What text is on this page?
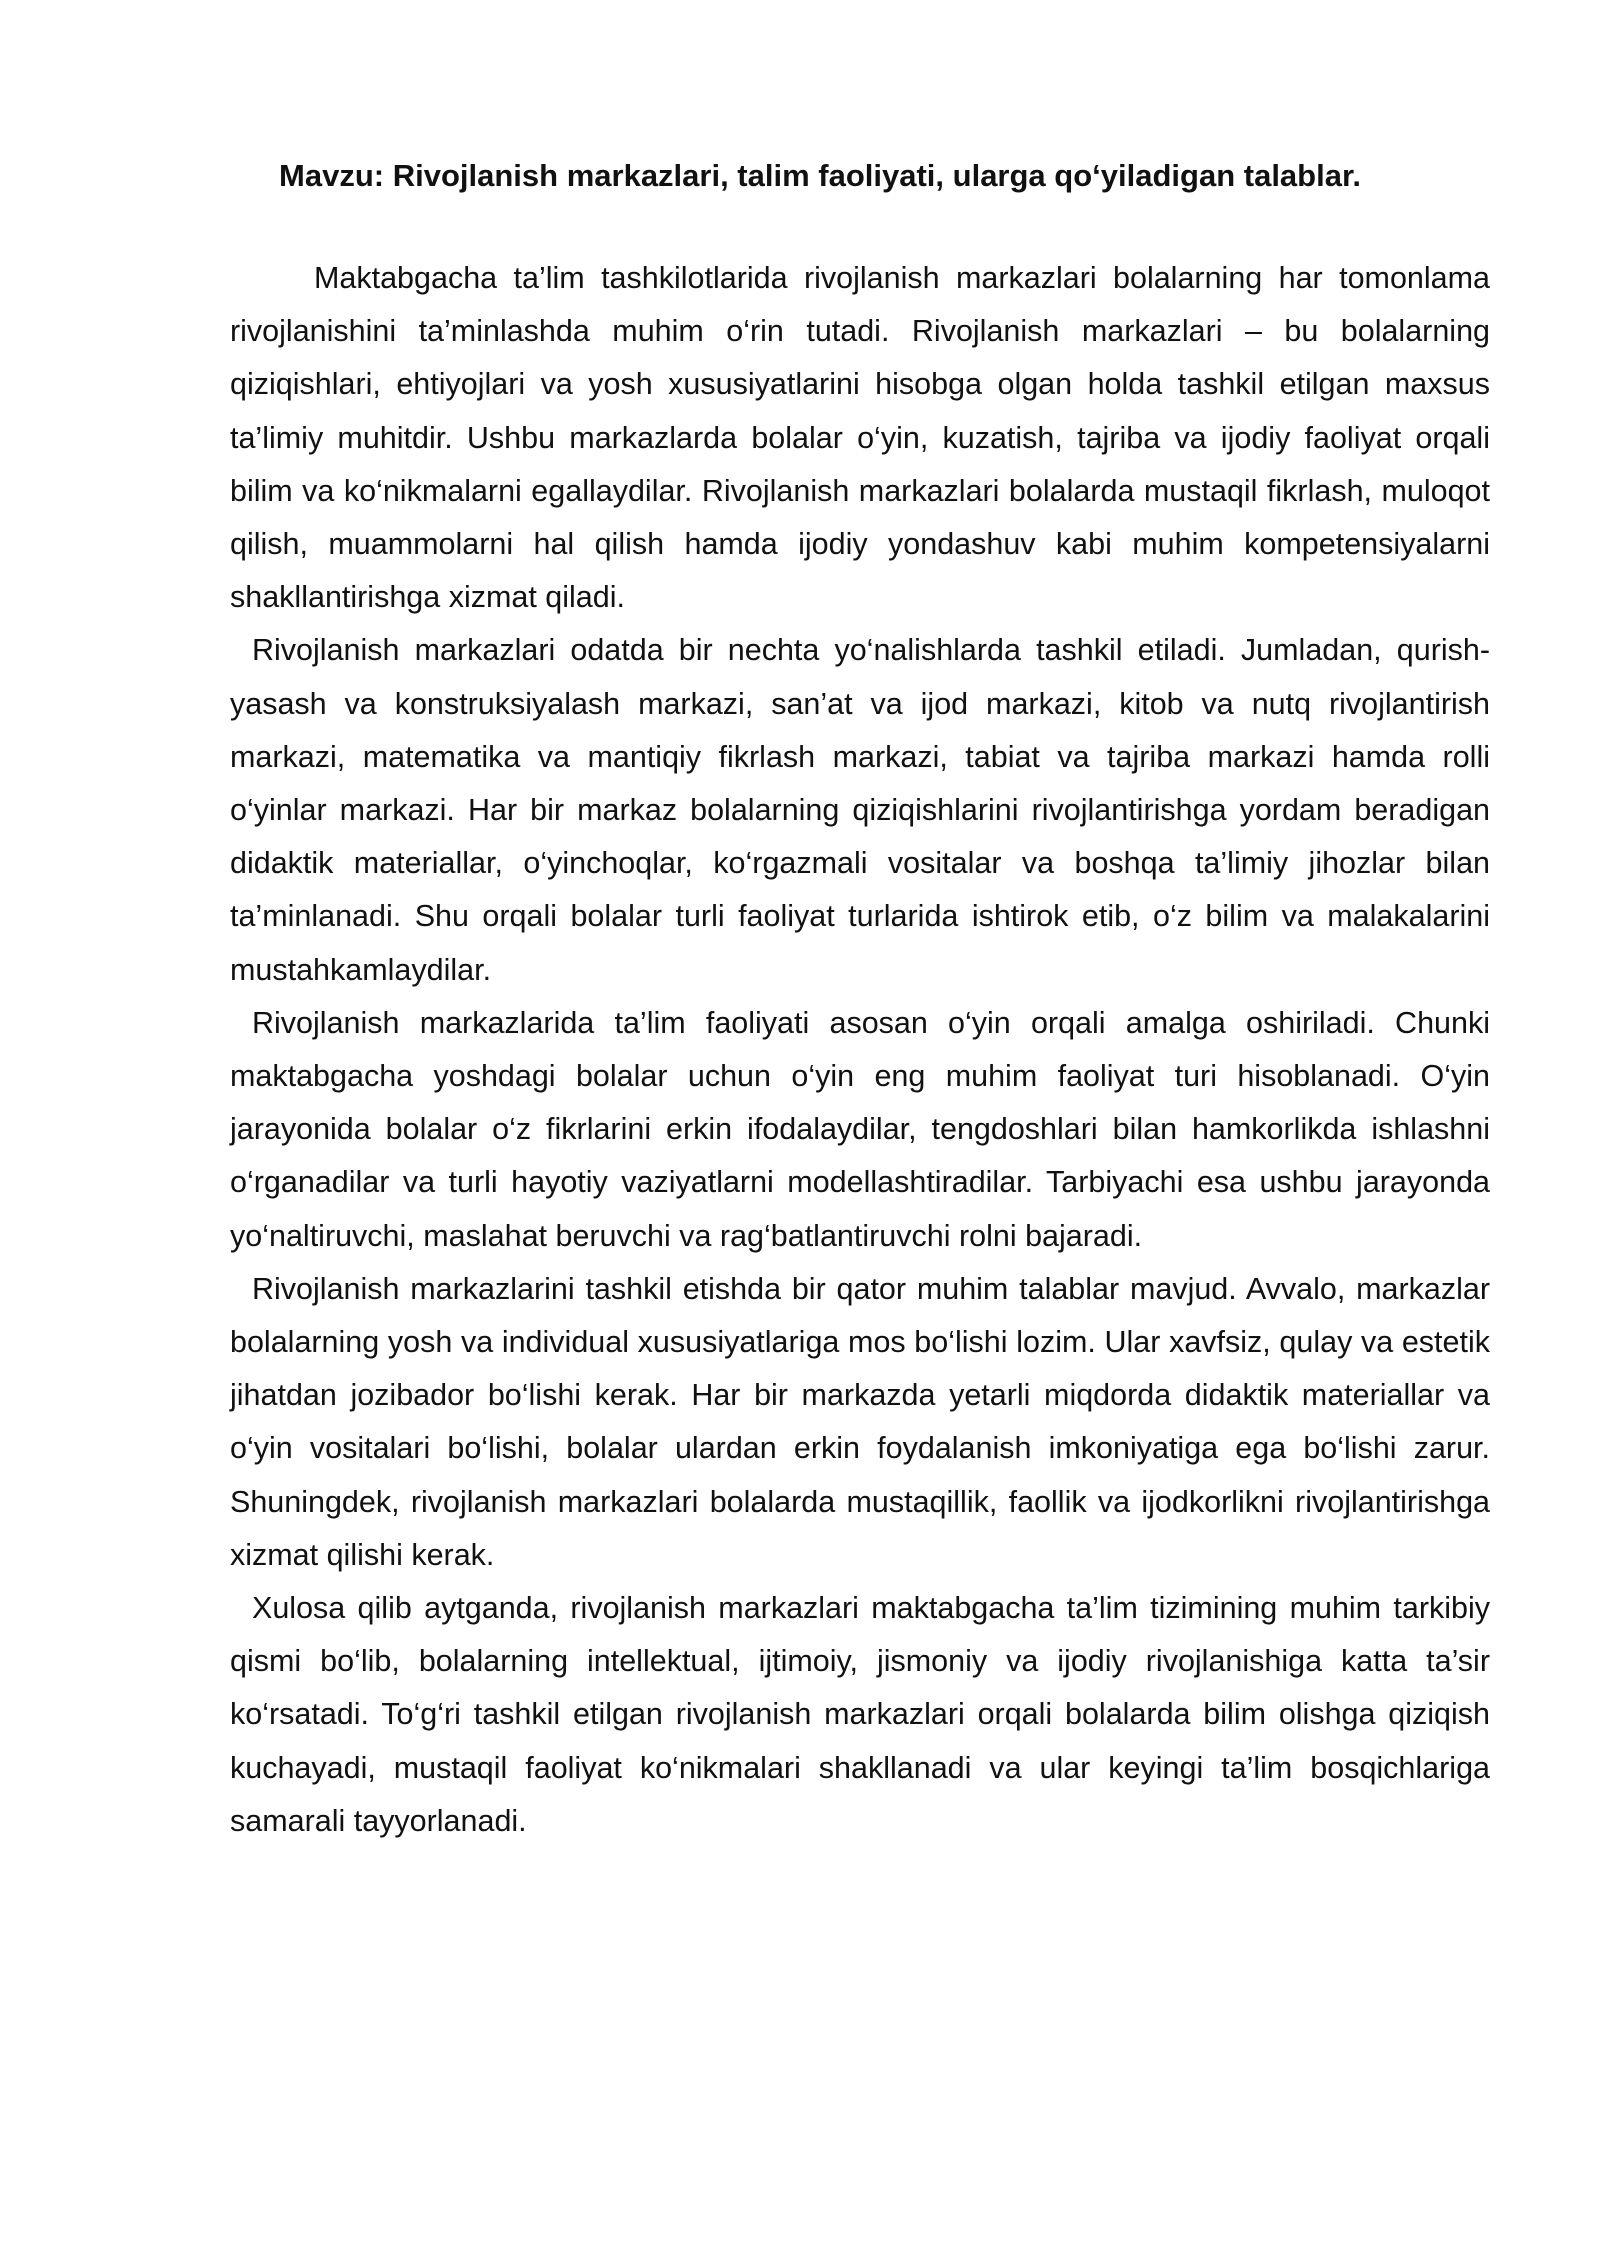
Mavzu: Rivojlanish markazlari, talim faoliyati, ularga qo‘yiladigan talablar.

Maktabgacha ta’lim tashkilotlarida rivojlanish markazlari bolalarning har tomonlama rivojlanishini ta’minlashda muhim o‘rin tutadi. Rivojlanish markazlari – bu bolalarning qiziqishlari, ehtiyojlari va yosh xususiyatlarini hisobga olgan holda tashkil etilgan maxsus ta’limiy muhitdir. Ushbu markazlarda bolalar o‘yin, kuzatish, tajriba va ijodiy faoliyat orqali bilim va ko‘nikmalarni egallaydilar. Rivojlanish markazlari bolalarda mustaqil fikrlash, muloqot qilish, muammolarni hal qilish hamda ijodiy yondashuv kabi muhim kompetensiyalarni shakllantirishga xizmat qiladi.

Rivojlanish markazlari odatda bir nechta yo‘nalishlarda tashkil etiladi. Jumladan, qurish-yasash va konstruksiyalash markazi, san’at va ijod markazi, kitob va nutq rivojlantirish markazi, matematika va mantiqiy fikrlash markazi, tabiat va tajriba markazi hamda rolli o‘yinlar markazi. Har bir markaz bolalarning qiziqishlarini rivojlantirishga yordam beradigan didaktik materiallar, o‘yinchoqlar, ko‘rgazmali vositalar va boshqa ta’limiy jihozlar bilan ta’minlanadi. Shu orqali bolalar turli faoliyat turlarida ishtirok etib, o‘z bilim va malakalarini mustahkamlaydilar.

Rivojlanish markazlarida ta’lim faoliyati asosan o‘yin orqali amalga oshiriladi. Chunki maktabgacha yoshdagi bolalar uchun o‘yin eng muhim faoliyat turi hisoblanadi. O‘yin jarayonida bolalar o‘z fikrlarini erkin ifodalaydilar, tengdoshlari bilan hamkorlikda ishlashni o‘rganadilar va turli hayotiy vaziyatlarni modellashtiradilar. Tarbiyachi esa ushbu jarayonda yo‘naltiruvchi, maslahat beruvchi va rag‘batlantiruvchi rolni bajaradi.

Rivojlanish markazlarini tashkil etishda bir qator muhim talablar mavjud. Avvalo, markazlar bolalarning yosh va individual xususiyatlariga mos bo‘lishi lozim. Ular xavfsiz, qulay va estetik jihatdan jozibador bo‘lishi kerak. Har bir markazda yetarli miqdorda didaktik materiallar va o‘yin vositalari bo‘lishi, bolalar ulardan erkin foydalanish imkoniyatiga ega bo‘lishi zarur. Shuningdek, rivojlanish markazlari bolalarda mustaqillik, faollik va ijodkorlikni rivojlantirishga xizmat qilishi kerak.

Xulosa qilib aytganda, rivojlanish markazlari maktabgacha ta’lim tizimining muhim tarkibiy qismi bo‘lib, bolalarning intellektual, ijtimoiy, jismoniy va ijodiy rivojlanishiga katta ta’sir ko‘rsatadi. To‘g‘ri tashkil etilgan rivojlanish markazlari orqali bolalarda bilim olishga qiziqish kuchayadi, mustaqil faoliyat ko‘nikmalari shakllanadi va ular keyingi ta’lim bosqichlariga samarali tayyorlanadi.
